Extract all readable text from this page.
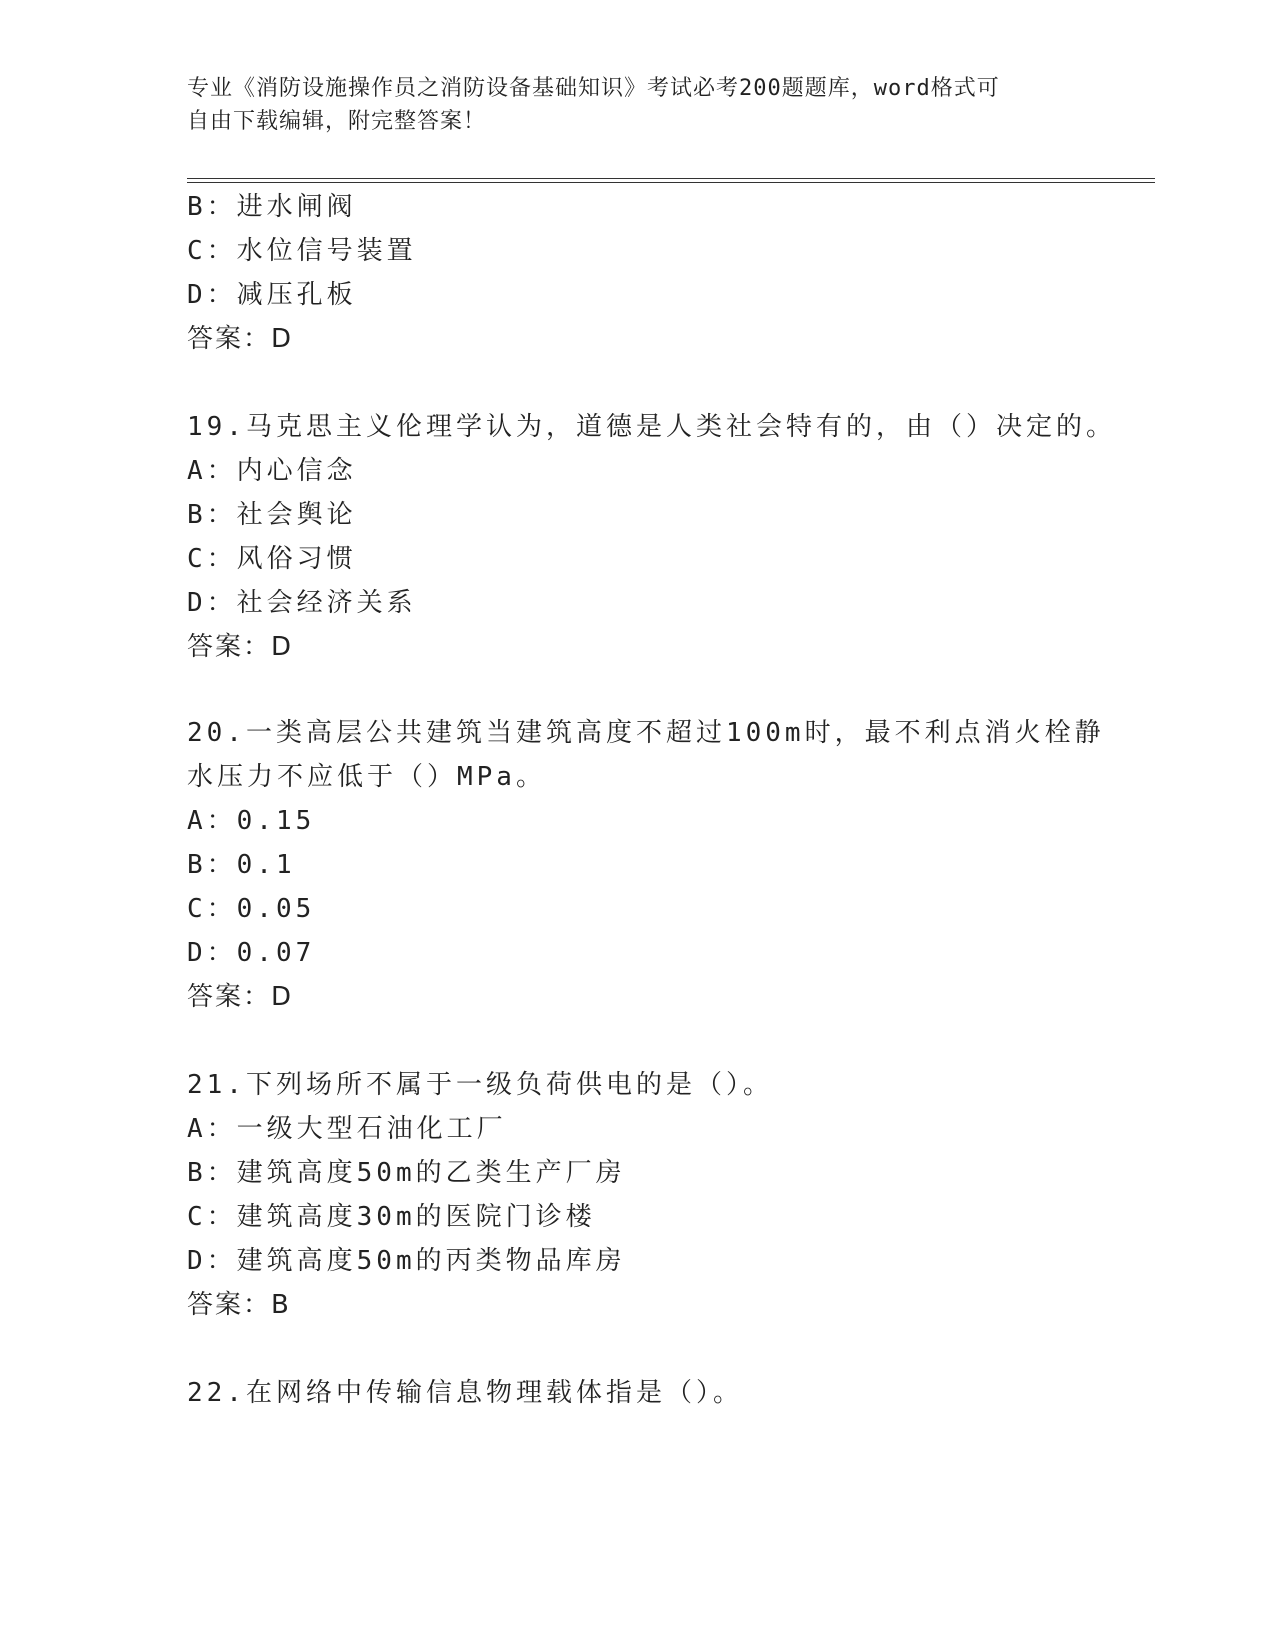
专业《消防设施操作员之消防设备基础知识》考试必考200题题库，word格式可
自由下载编辑，附完整答案！
B：进水闸阀
C：水位信号装置
D：减压孔板
答案：D
19.马克思主义伦理学认为，道德是人类社会特有的，由（）决定的。
A：内心信念
B：社会舆论
C：风俗习惯
D：社会经济关系
答案：D
20.一类高层公共建筑当建筑高度不超过100m时，最不利点消火栓静
水压力不应低于（）MPa。
A：0.15
B：0.1
C：0.05
D：0.07
答案：D
21.下列场所不属于一级负荷供电的是（）。
A：一级大型石油化工厂
B：建筑高度50m的乙类生产厂房
C：建筑高度30m的医院门诊楼
D：建筑高度50m的丙类物品库房
答案：B
22.在网络中传输信息物理载体指是（）。
